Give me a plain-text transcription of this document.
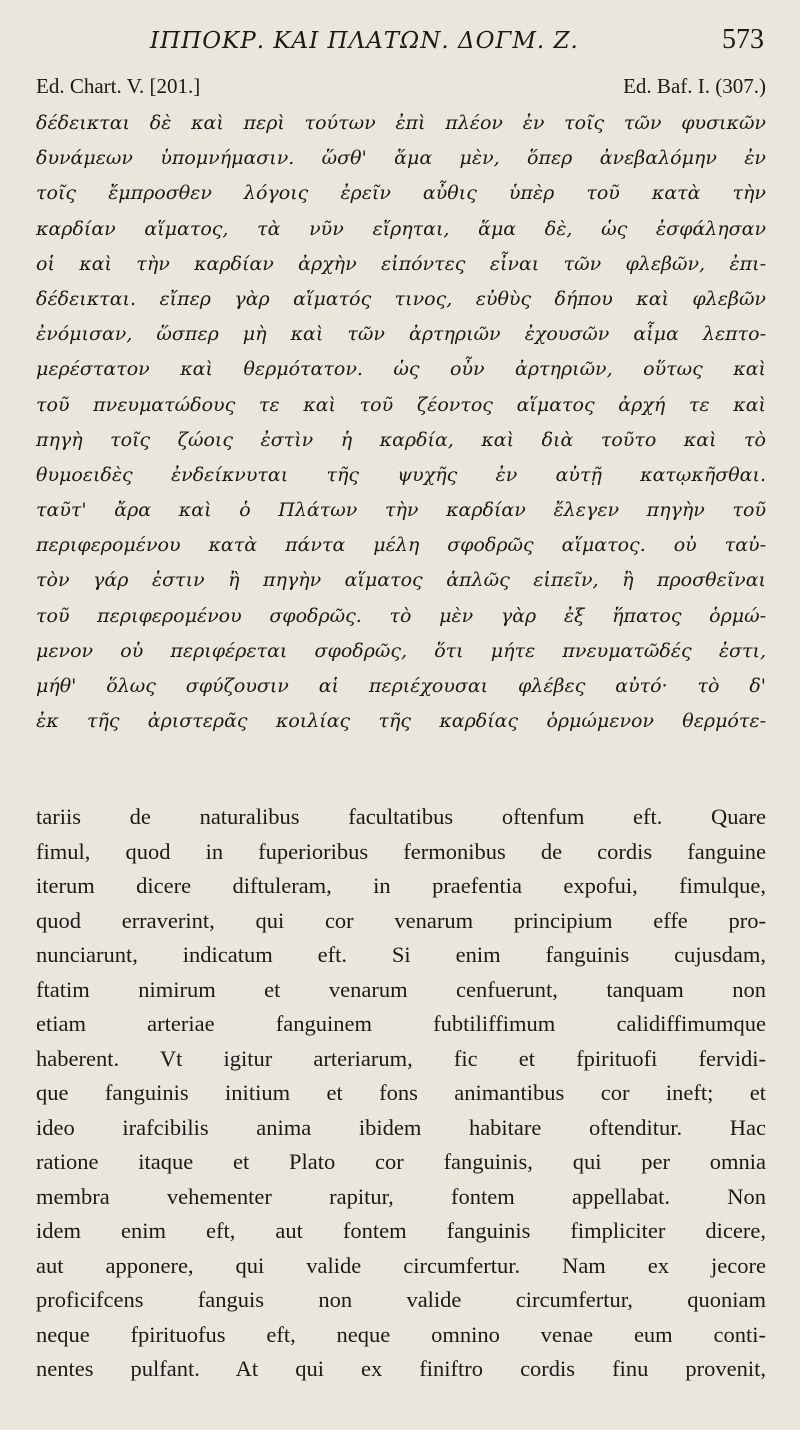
ΙΠΠΟΚΡ. ΚΑΙ ΠΛΑΤΩΝ. ΔΟΓΜ. Ζ.	573
Ed. Chart. V. [201.]	Ed. Baf. I. (307.)
δέδεικται δὲ καὶ περὶ τούτων ἐπὶ πλέον ἐν τοῖς τῶν φυσικῶν
δυνάμεων ὑπομνήμασιν. ὥσθ' ἅμα μὲν, ὅπερ ἀνεβαλόμην ἐν
τοῖς ἔμπροσθεν λόγοις ἐρεῖν αὖθις ὑπὲρ τοῦ κατὰ τὴν
καρδίαν αἵματος, τὰ νῦν εἴρηται, ἅμα δὲ, ὡς ἐσφάλησαν
οἱ καὶ τὴν καρδίαν ἀρχὴν εἰπόντες εἶναι τῶν φλεβῶν, ἐπι-
δέδεικται. εἴπερ γὰρ αἵματός τινος, εὐθὺς δήπου καὶ φλεβῶν
ἐνόμισαν, ὥσπερ μὴ καὶ τῶν ἀρτηριῶν ἐχουσῶν αἷμα λεπτο-
μερέστατον καὶ θερμότατον. ὡς οὖν ἀρτηριῶν, οὕτως καὶ
τοῦ πνευματώδους τε καὶ τοῦ ζέοντος αἵματος ἀρχή τε καὶ
πηγὴ τοῖς ζώοις ἐστὶν ἡ καρδία, καὶ διὰ τοῦτο καὶ τὸ
θυμοειδὲς ἐνδείκνυται τῆς ψυχῆς ἐν αὐτῇ κατῳκῆσθαι.
ταῦτ' ἄρα καὶ ὁ Πλάτων τὴν καρδίαν ἔλεγεν πηγὴν τοῦ
περιφερομένου κατὰ πάντα μέλη σφοδρῶς αἵματος. οὐ ταὐ-
τὸν γάρ ἐστιν ἢ πηγὴν αἵματος ἁπλῶς εἰπεῖν, ἢ προσθεῖναι
τοῦ περιφερομένου σφοδρῶς. τὸ μὲν γὰρ ἐξ ἥπατος ὁρμώ-
μενον οὐ περιφέρεται σφοδρῶς, ὅτι μήτε πνευματῶδές ἐστι,
μήθ' ὅλως σφύζουσιν αἱ περιέχουσαι φλέβες αὐτό· τὸ δ'
ἐκ τῆς ἀριστερᾶς κοιλίας τῆς καρδίας ὁρμώμενον θερμότε-
tariis de naturalibus facultatibus oftenfum eft. Quare
fimul, quod in fuperioribus fermonibus de cordis fanguine
iterum dicere diftuleram, in praefentia expofui, fimulque,
quod erraverint, qui cor venarum principium effe pro-
nunciarunt, indicatum eft. Si enim fanguinis cujusdam,
ftatim nimirum et venarum cenfuerunt, tanquam non
etiam arteriae fanguinem fubtiliffimum calidiffimumque
haberent. Vt igitur arteriarum, fic et fpirituofi fervidi-
que fanguinis initium et fons animantibus cor ineft; et
ideo irafcibilis anima ibidem habitare oftenditur. Hac
ratione itaque et Plato cor fanguinis, qui per omnia
membra vehementer rapitur, fontem appellabat. Non
idem enim eft, aut fontem fanguinis fimpliciter dicere,
aut apponere, qui valide circumfertur. Nam ex jecore
proficifcens fanguis non valide circumfertur, quoniam
neque fpirituofus eft, neque omnino venae eum conti-
nentes pulfant. At qui ex finiftro cordis finu provenit,
